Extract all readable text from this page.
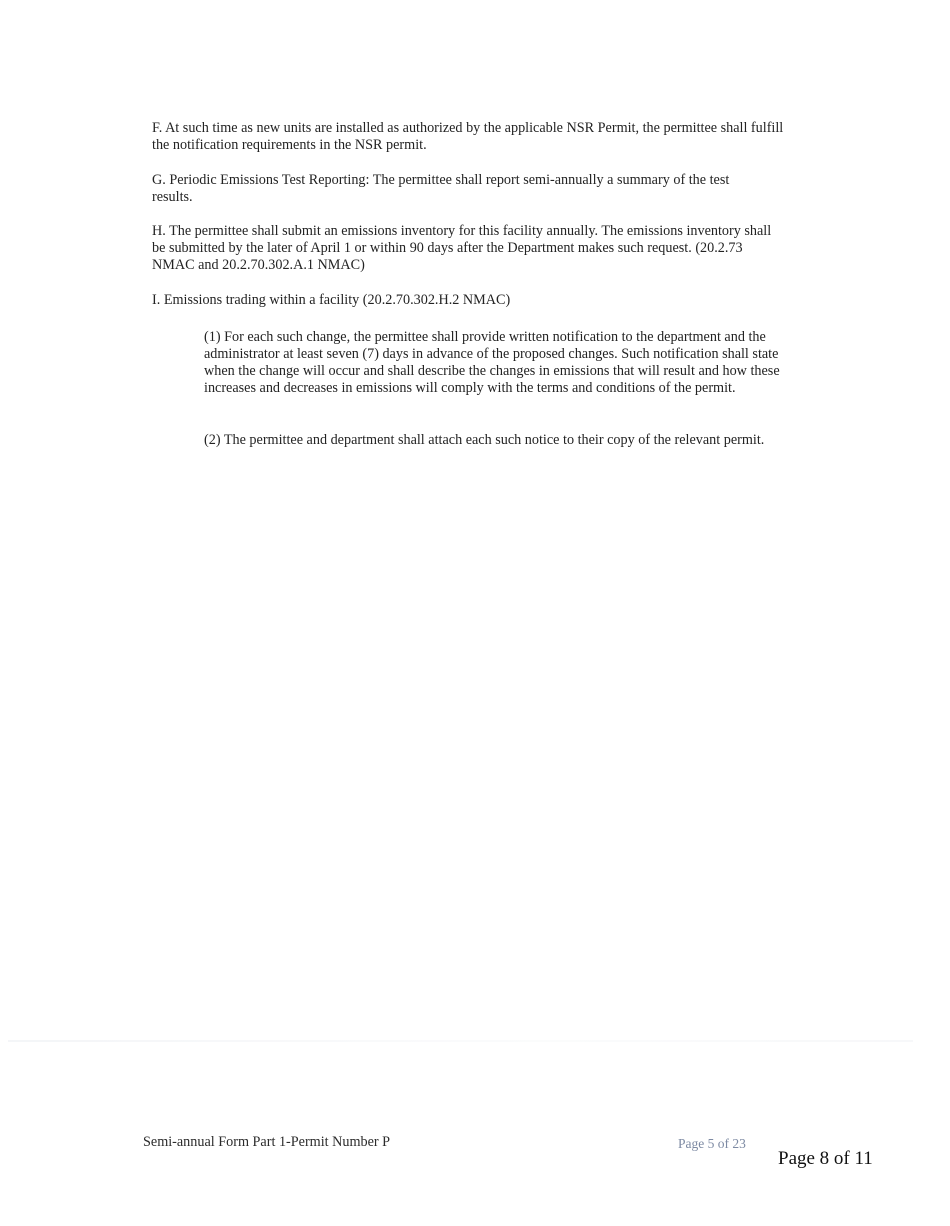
F. At such time as new units are installed as authorized by the applicable NSR Permit, the permittee shall fulfill the notification requirements in the NSR permit.

G. Periodic Emissions Test Reporting: The permittee shall report semi-annually a summary of the test results.

H. The permittee shall submit an emissions inventory for this facility annually. The emissions inventory shall be submitted by the later of April 1 or within 90 days after the Department makes such request. (20.2.73 NMAC and 20.2.70.302.A.1 NMAC)

I. Emissions trading within a facility (20.2.70.302.H.2 NMAC)

(1) For each such change, the permittee shall provide written notification to the department and the administrator at least seven (7) days in advance of the proposed changes. Such notification shall state when the change will occur and shall describe the changes in emissions that will result and how these increases and decreases in emissions will comply with the terms and conditions of the permit.

(2) The permittee and department shall attach each such notice to their copy of the relevant permit.

Semi-annual Form Part 1-Permit Number P	Page 5 of 23
Page 8 of 11
